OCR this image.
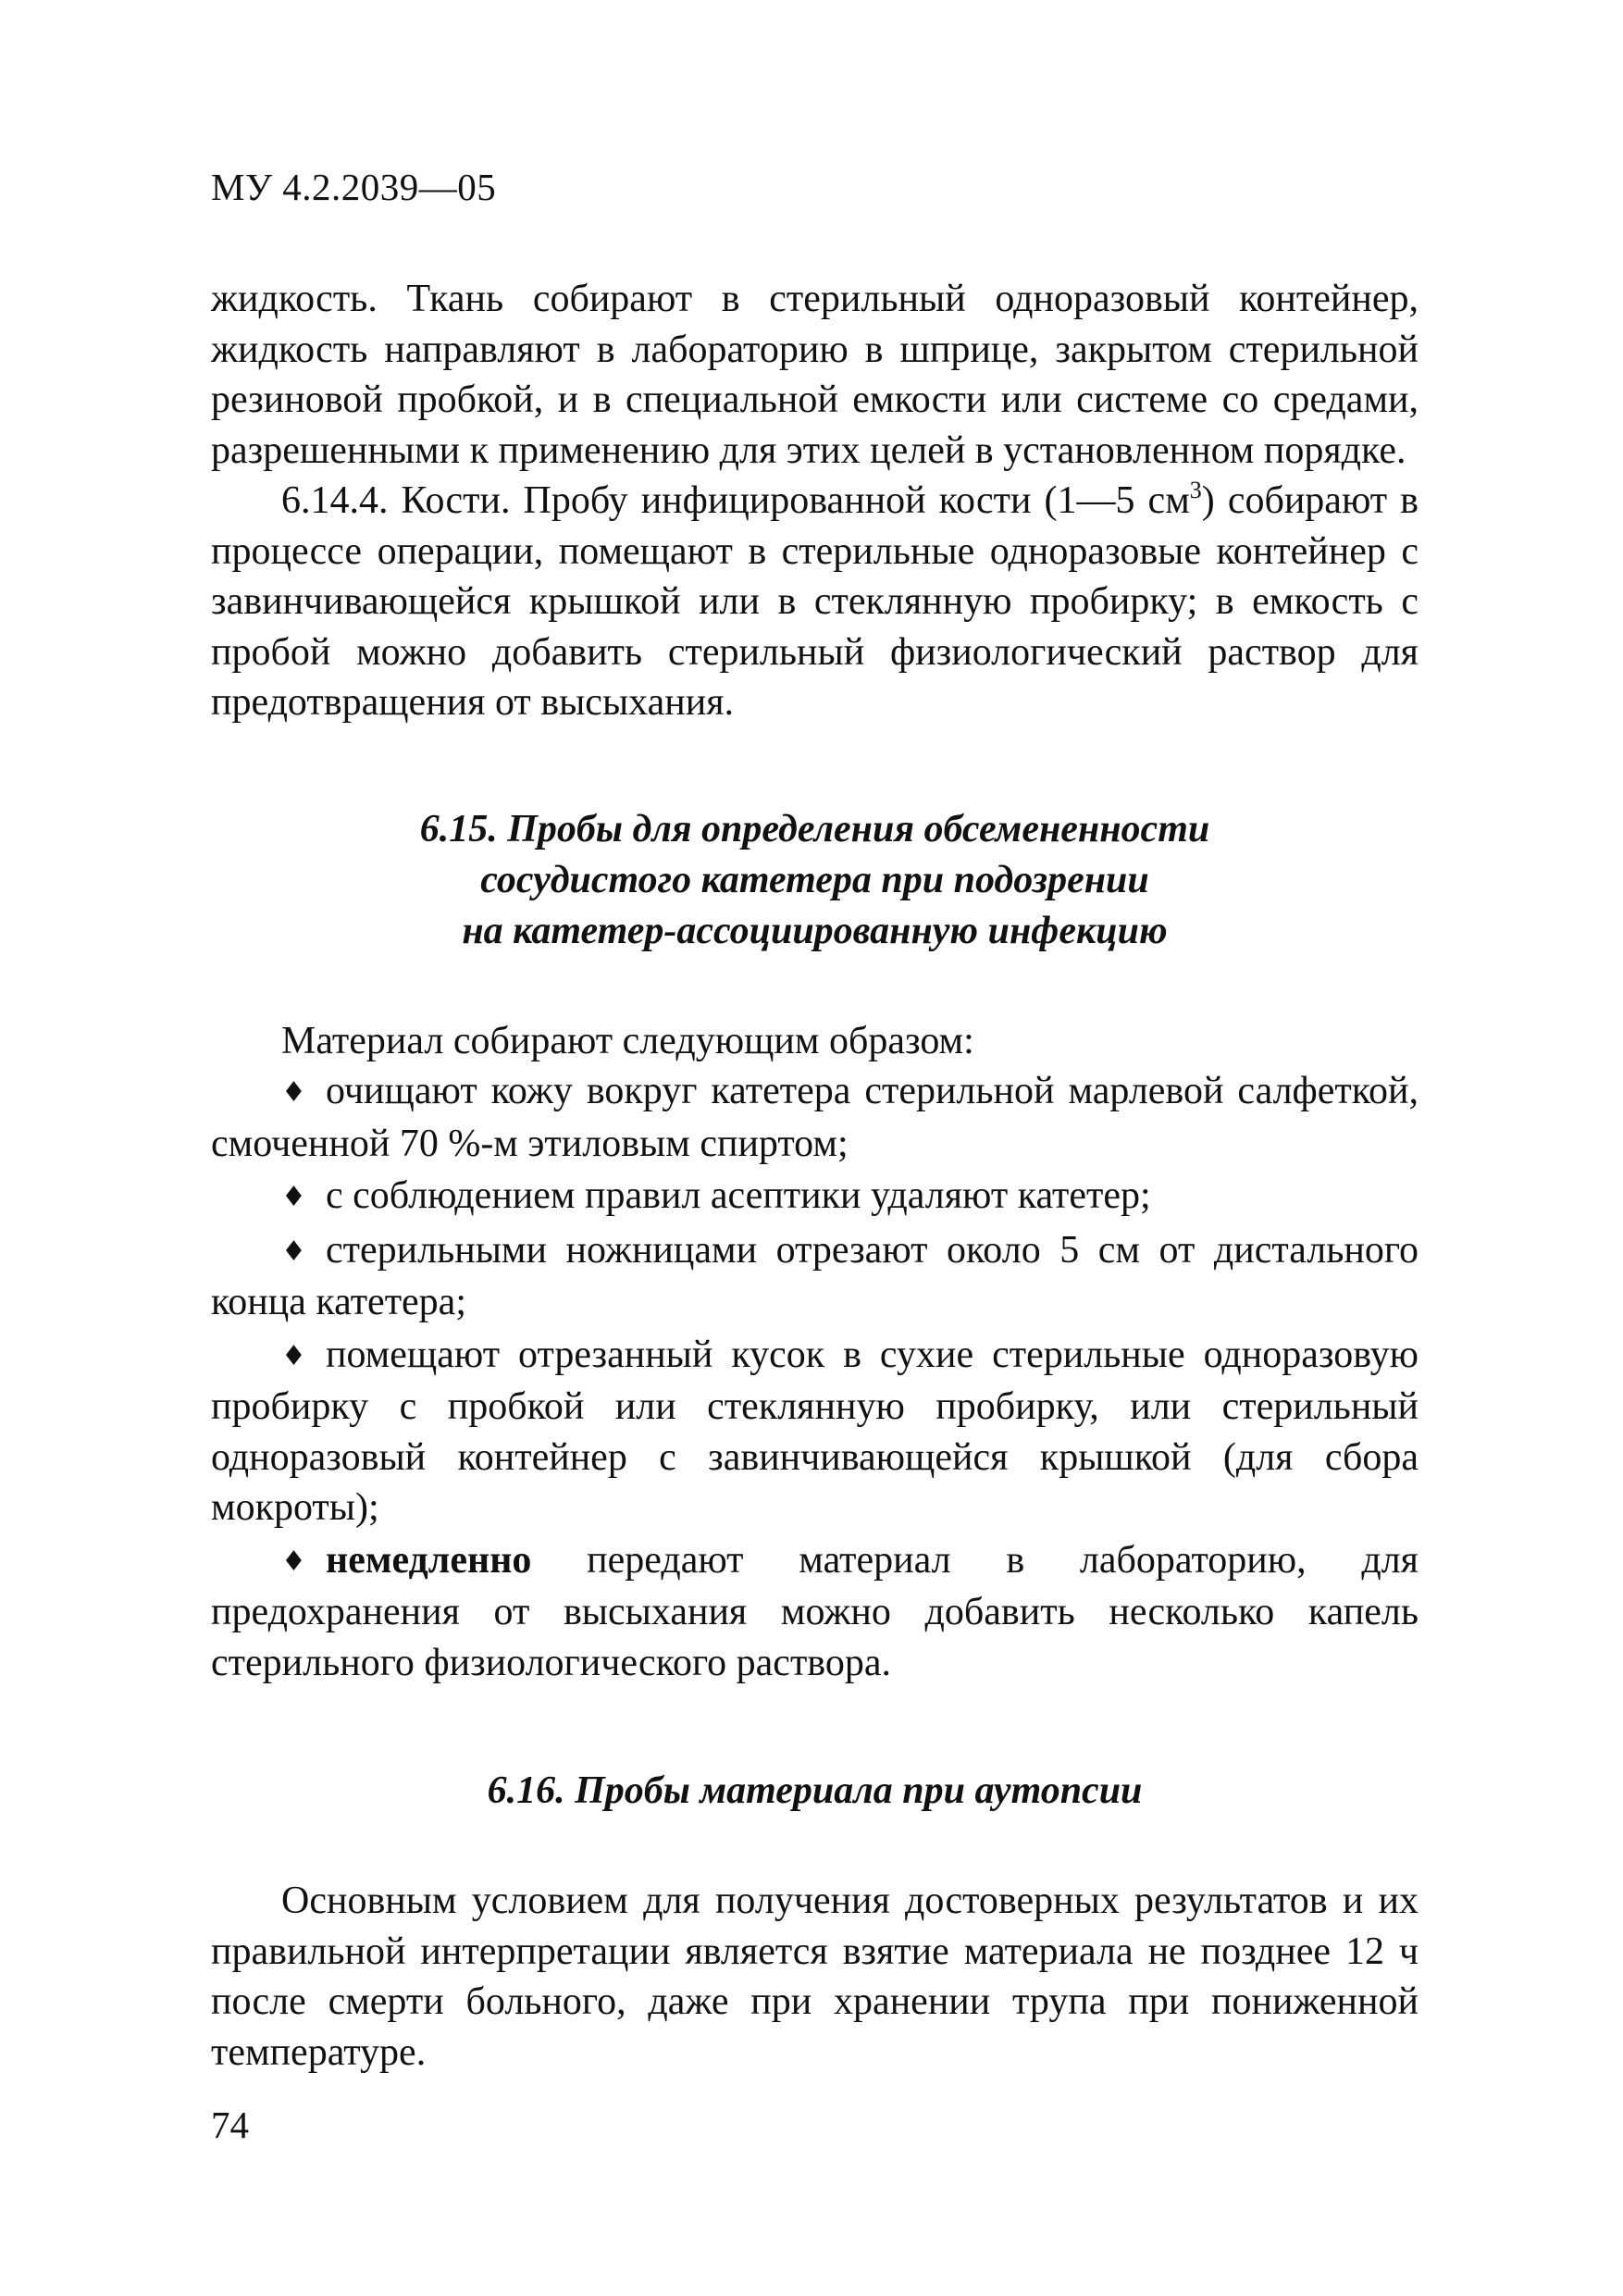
МУ 4.2.2039—05

жидкость. Ткань собирают в стерильный одноразовый контейнер, жидкость направляют в лабораторию в шприце, закрытом стерильной резиновой пробкой, и в специальной емкости или системе со средами, разрешенными к применению для этих целей в установленном порядке.

6.14.4. Кости. Пробу инфицированной кости (1—5 $см^3$) собирают в процессе операции, помещают в стерильные одноразовые контейнер с завинчивающейся крышкой или в стеклянную пробирку; в емкость с пробой можно добавить стерильный физиологический раствор для предотвращения от высыхания.

6.15. Пробы для определения обсемененности
сосудистого катетера при подозрении
на катетер-ассоциированную инфекцию

Материал собирают следующим образом:

♦ очищают кожу вокруг катетера стерильной марлевой салфеткой, смоченной 70 %-м этиловым спиртом;
♦ с соблюдением правил асептики удаляют катетер;
♦ стерильными ножницами отрезают около 5 см от дистального конца катетера;
♦ помещают отрезанный кусок в сухие стерильные одноразовую пробирку с пробкой или стеклянную пробирку, или стерильный одноразовый контейнер с завинчивающейся крышкой (для сбора мокроты);
♦ немедленно передают материал в лабораторию, для предохранения от высыхания можно добавить несколько капель стерильного физиологического раствора.
6.16. Пробы материала при аутопсии

Основным условием для получения достоверных результатов и их правильной интерпретации является взятие материала не позднее 12 ч после смерти больного, даже при хранении трупа при пониженной температуре.

74
